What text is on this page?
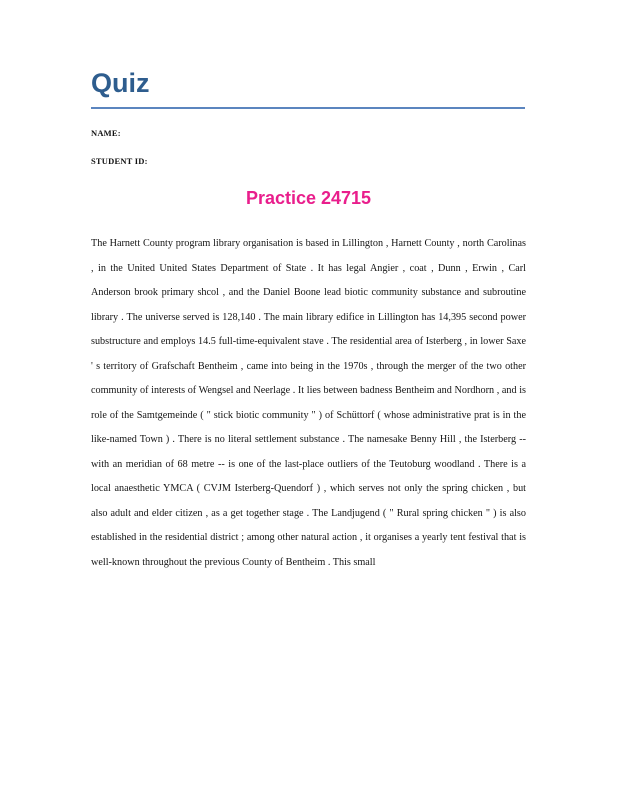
Quiz
NAME:
STUDENT ID:
Practice 24715

The Harnett County program library organisation is based in Lillington , Harnett County , north Carolinas , in the United United States Department of State . It has legal Angier , coat , Dunn , Erwin , Carl Anderson brook primary shcol , and the Daniel Boone lead biotic community substance and subroutine library . The universe served is 128,140 . The main library edifice in Lillington has 14,395 second power substructure and employs 14.5 full-time-equivalent stave . The residential area of Isterberg , in lower Saxe ' s territory of Grafschaft Bentheim , came into being in the 1970s , through the merger of the two other community of interests of Wengsel and Neerlage . It lies between badness Bentheim and Nordhorn , and is role of the Samtgemeinde ( " stick biotic community " ) of Schüttorf ( whose administrative prat is in the like-named Town ) . There is no literal settlement substance . The namesake Benny Hill , the Isterberg -- with an meridian of 68 metre -- is one of the last-place outliers of the Teutoburg woodland . There is a local anaesthetic YMCA ( CVJM Isterberg-Quendorf ) , which serves not only the spring chicken , but also adult and elder citizen , as a get together stage . The Landjugend ( " Rural spring chicken " ) is also established in the residential district ; among other natural action , it organises a yearly tent festival that is well-known throughout the previous County of Bentheim . This small
